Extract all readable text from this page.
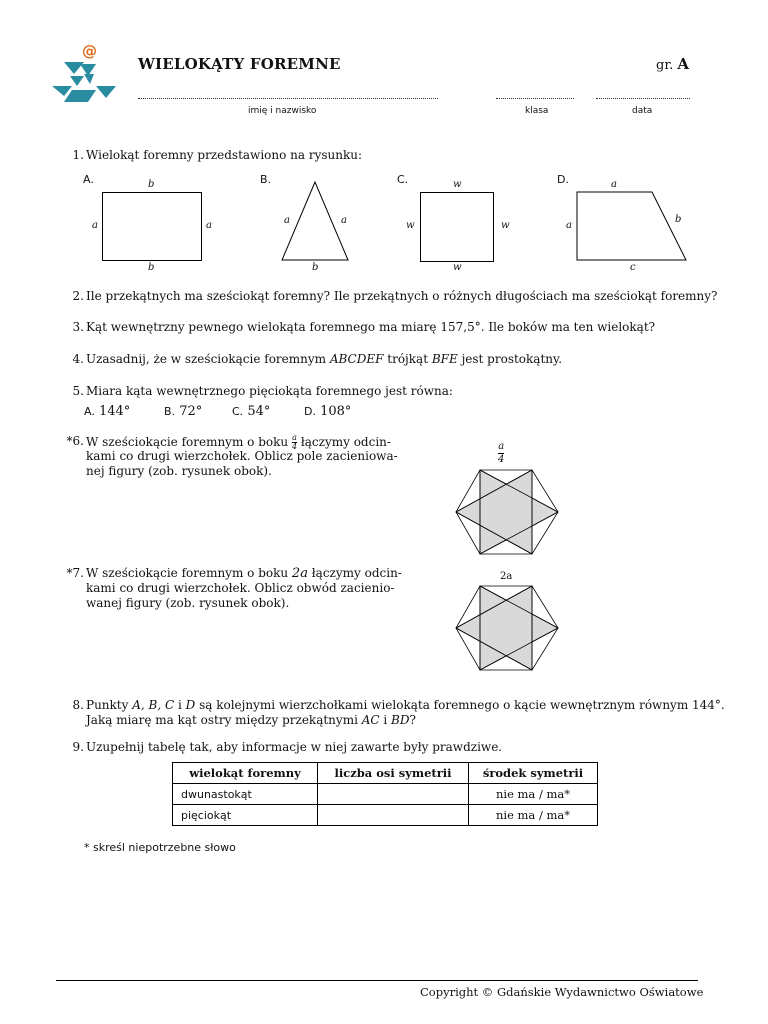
@
WIELOKĄTY FOREMNE	gr. A
imię i nazwisko	klasa	data
1. Wielokąt foremny przedstawiono na rysunku:
A.	B.	C.	D.
b
a	a
b
a	a
b
w
w	w
w
a
a
b
c
2. Ile przekątnych ma sześciokąt foremny? Ile przekątnych o różnych długościach ma sześciokąt foremny?
3. Kąt wewnętrzny pewnego wielokąta foremnego ma miarę 157,5°. Ile boków ma ten wielokąt?
4. Uzasadnij, że w sześciokącie foremnym ABCDEF trójkąt BFE jest prostokątny.
5. Miara kąta wewnętrznego pięciokąta foremnego jest równa:
A. 144°	B. 72°	C. 54°	D. 108°
*6. W sześciokącie foremnym o boku $\frac{a}{4}$ łączymy odcin-
kami co drugi wierzchołek. Oblicz pole zacieniowa-
nej figury (zob. rysunek obok).
$\frac{a}{4}$
*7. W sześciokącie foremnym o boku 2a łączymy odcin-
kami co drugi wierzchołek. Oblicz obwód zacienio-
wanej figury (zob. rysunek obok).
2a
8. Punkty A, B, C i D są kolejnymi wierzchołkami wielokąta foremnego o kącie wewnętrznym równym 144°.
Jaką miarę ma kąt ostry między przekątnymi AC i BD?
9. Uzupełnij tabelę tak, aby informacje w niej zawarte były prawdziwe.
wielokąt foremny	liczba osi symetrii	środek symetrii
dwunastokąt		nie ma / ma*
pięciokąt		nie ma / ma*
* skreśl niepotrzebne słowo
Copyright © Gdańskie Wydawnictwo Oświatowe
